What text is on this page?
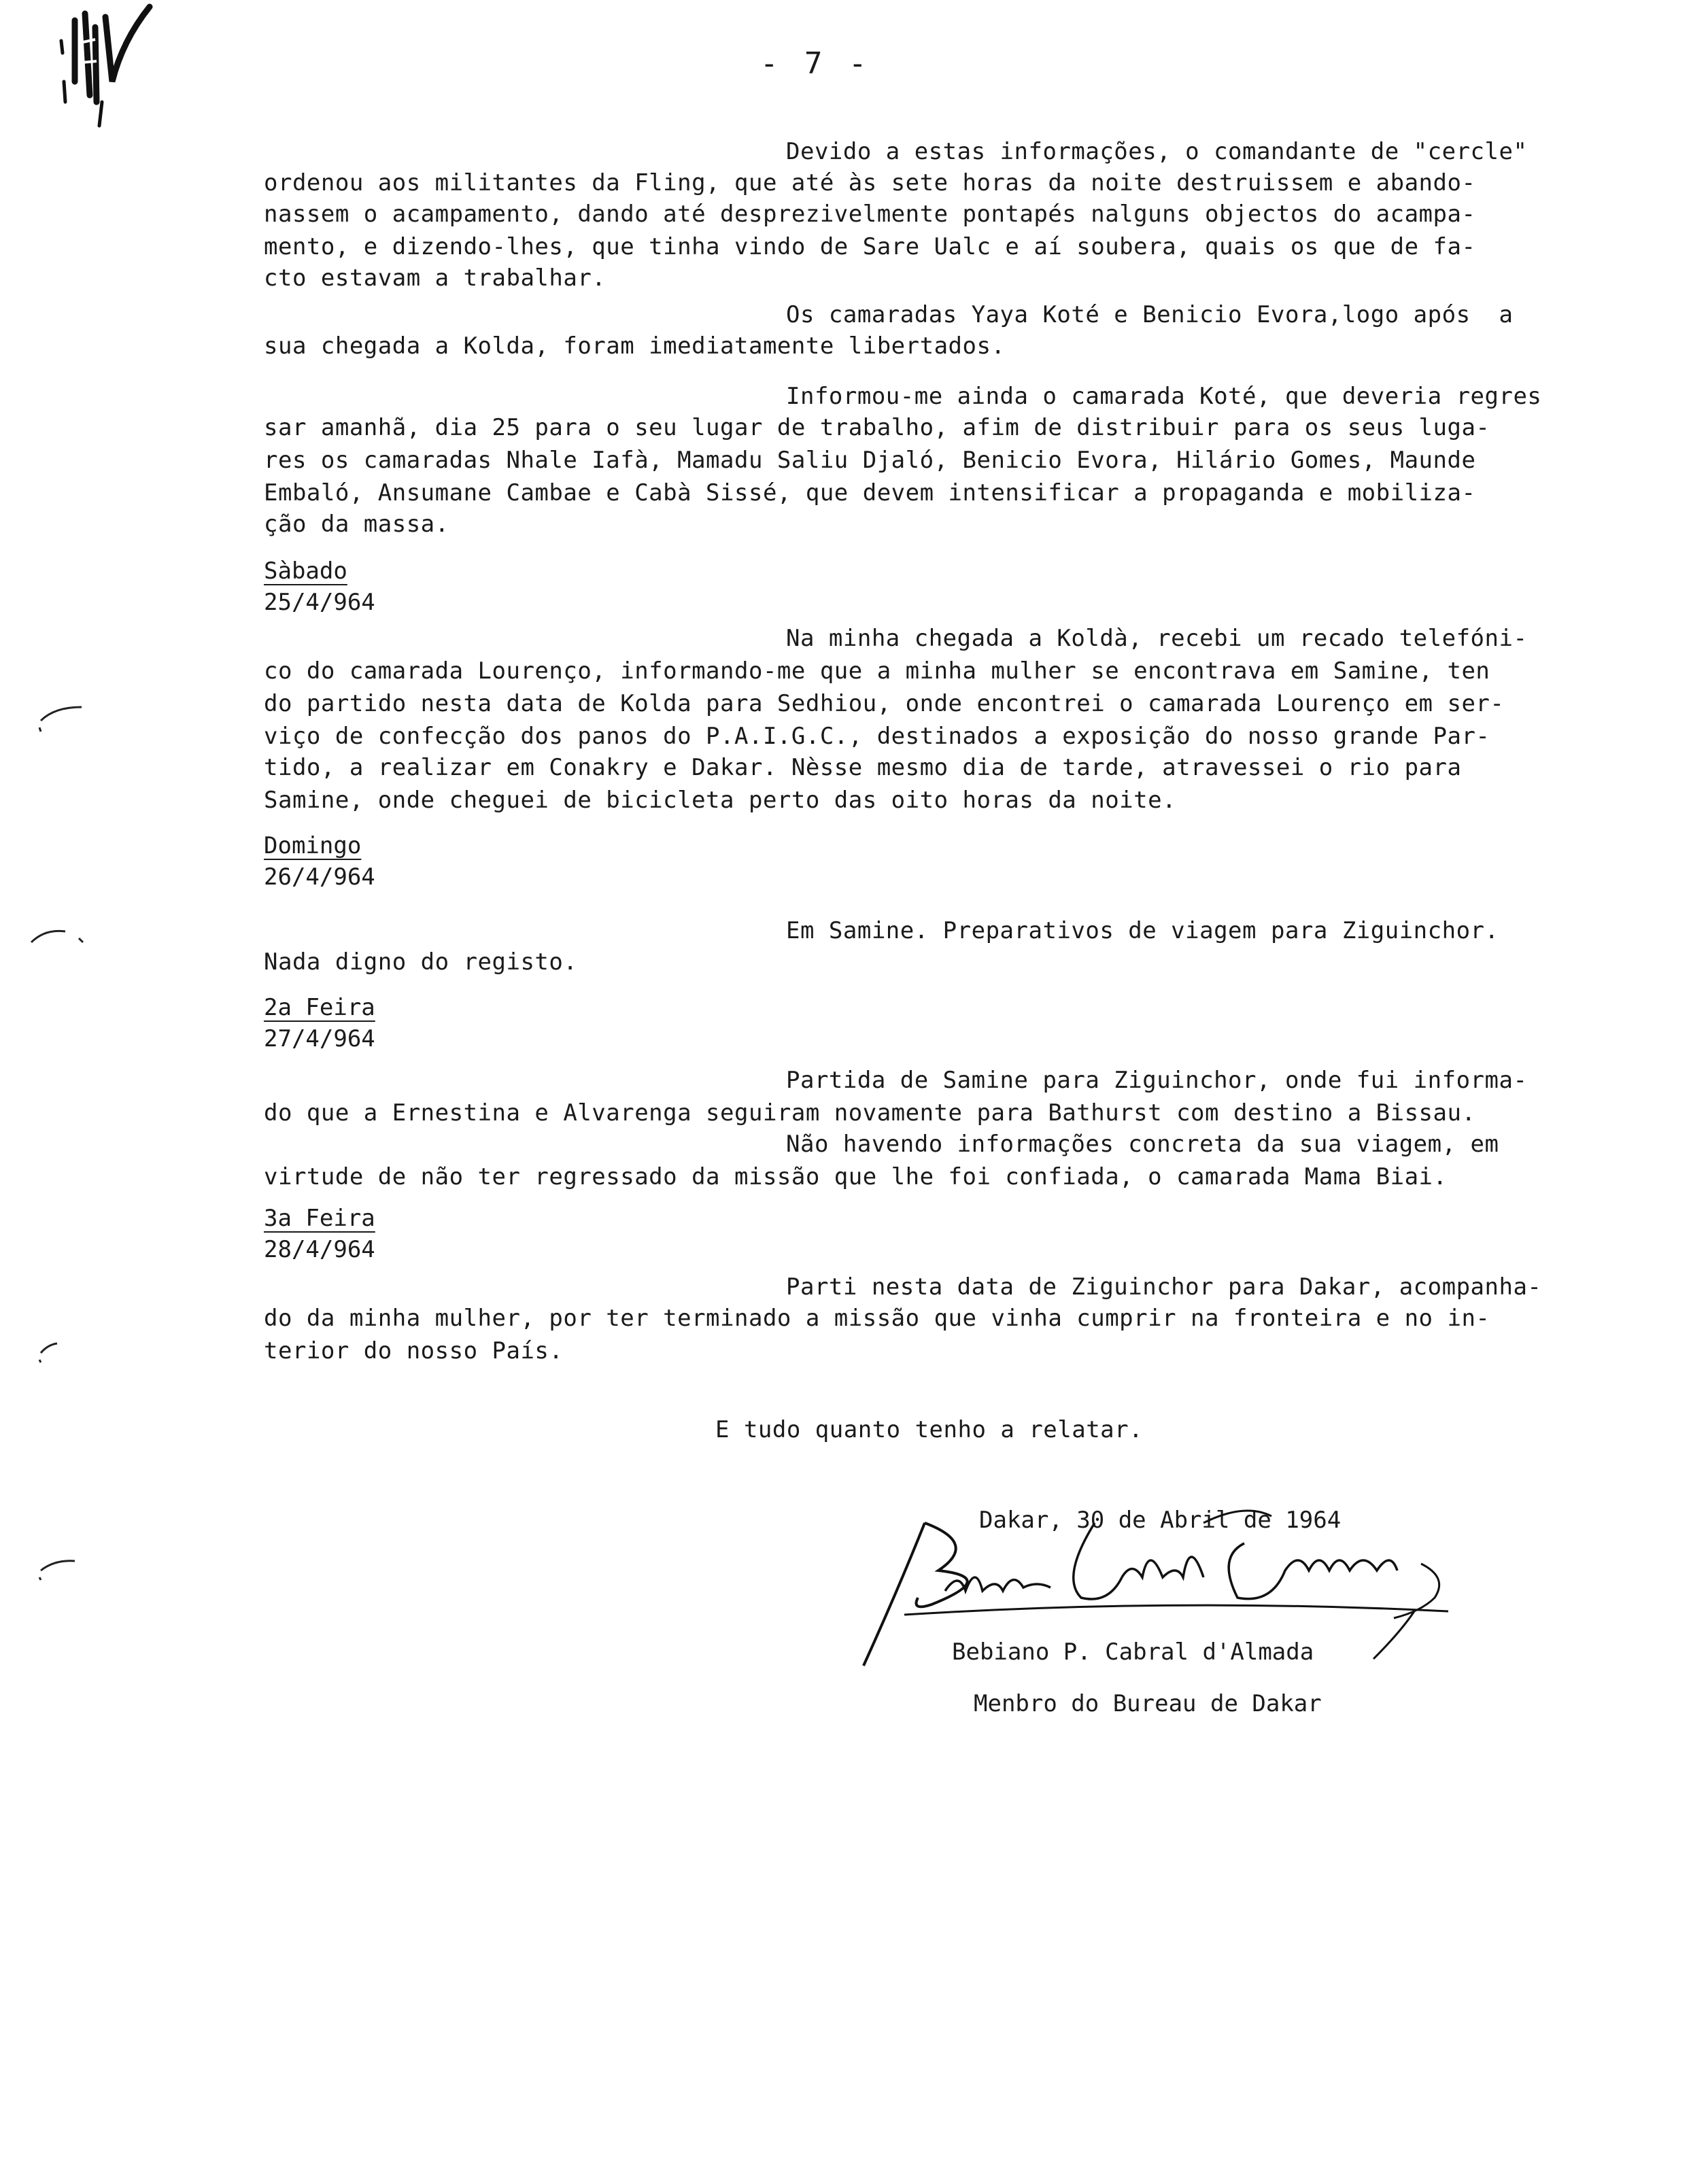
- 7 -
Devido a estas informações, o comandante de "cercle"
ordenou aos militantes da Fling, que até às sete horas da noite destruissem e abando-
nassem o acampamento, dando até desprezivelmente pontapés nalguns objectos do acampa-
mento, e dizendo-lhes, que tinha vindo de Sare Ualc e aí soubera, quais os que de fa-
cto estavam a trabalhar.
Os camaradas Yaya Koté e Benicio Evora,logo após  a
sua chegada a Kolda, foram imediatamente libertados.
Informou-me ainda o camarada Koté, que deveria regres
sar amanhã, dia 25 para o seu lugar de trabalho, afim de distribuir para os seus luga-
res os camaradas Nhale Iafà, Mamadu Saliu Djaló, Benicio Evora, Hilário Gomes, Maunde
Embaló, Ansumane Cambae e Cabà Sissé, que devem intensificar a propaganda e mobiliza-
ção da massa.
Sàbado
25/4/964
Na minha chegada a Koldà, recebi um recado telefóni-
co do camarada Lourenço, informando-me que a minha mulher se encontrava em Samine, ten
do partido nesta data de Kolda para Sedhiou, onde encontrei o camarada Lourenço em ser-
viço de confecção dos panos do P.A.I.G.C., destinados a exposição do nosso grande Par-
tido, a realizar em Conakry e Dakar. Nèsse mesmo dia de tarde, atravessei o rio para
Samine, onde cheguei de bicicleta perto das oito horas da noite.
Domingo
26/4/964
Em Samine. Preparativos de viagem para Ziguinchor.
Nada digno do registo.
2a Feira
27/4/964
Partida de Samine para Ziguinchor, onde fui informa-
do que a Ernestina e Alvarenga seguiram novamente para Bathurst com destino a Bissau.
Não havendo informações concreta da sua viagem, em
virtude de não ter regressado da missão que lhe foi confiada, o camarada Mama Biai.
3a Feira
28/4/964
Parti nesta data de Ziguinchor para Dakar, acompanha-
do da minha mulher, por ter terminado a missão que vinha cumprir na fronteira e no in-
terior do nosso País.
E tudo quanto tenho a relatar.
Dakar, 30 de Abril de 1964
Bebiano P. Cabral d'Almada
Menbro do Bureau de Dakar
